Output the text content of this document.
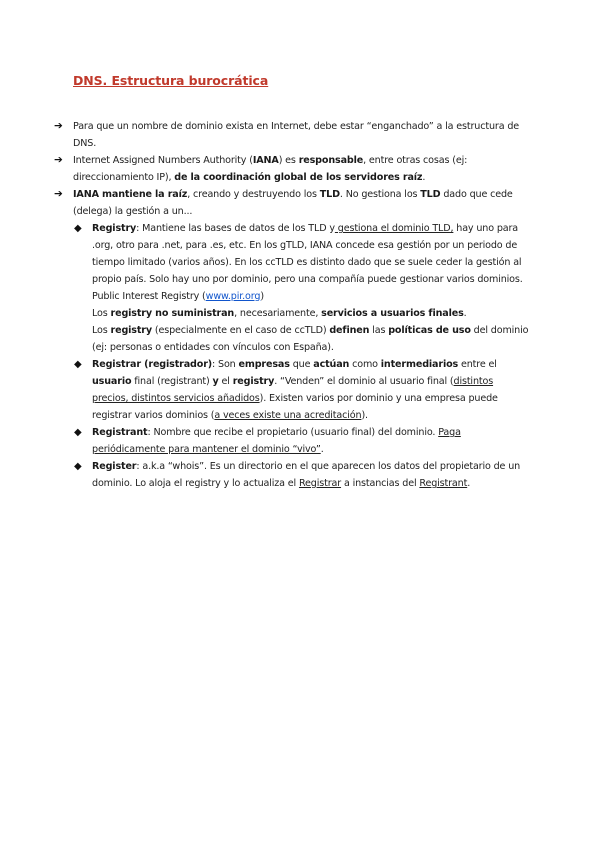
DNS. Estructura burocrática
➔ Para que un nombre de dominio exista en Internet, debe estar “enganchado” a la estructura de DNS.
➔ Internet Assigned Numbers Authority (IANA) es responsable, entre otras cosas (ej: direccionamiento IP), de la coordinación global de los servidores raíz.
➔ IANA mantiene la raíz, creando y destruyendo los TLD. No gestiona los TLD dado que cede (delega) la gestión a un...
◆ Registry: Mantiene las bases de datos de los TLD y gestiona el dominio TLD, hay uno para .org, otro para .net, para .es, etc. En los gTLD, IANA concede esa gestión por un periodo de tiempo limitado (varios años). En los ccTLD es distinto dado que se suele ceder la gestión al propio país. Solo hay uno por dominio, pero una compañía puede gestionar varios dominios. Public Interest Registry (www.pir.org)
Los registry no suministran, necesariamente, servicios a usuarios finales.
Los registry (especialmente en el caso de ccTLD) definen las políticas de uso del dominio (ej: personas o entidades con vínculos con España).
◆ Registrar (registrador): Son empresas que actúan como intermediarios entre el usuario final (registrant) y el registry. “Venden” el dominio al usuario final (distintos precios, distintos servicios añadidos). Existen varios por dominio y una empresa puede registrar varios dominios (a veces existe una acreditación).
◆ Registrant: Nombre que recibe el propietario (usuario final) del dominio. Paga periódicamente para mantener el dominio “vivo”.
◆ Register: a.k.a “whois”. Es un directorio en el que aparecen los datos del propietario de un dominio. Lo aloja el registry y lo actualiza el Registrar a instancias del Registrant.
